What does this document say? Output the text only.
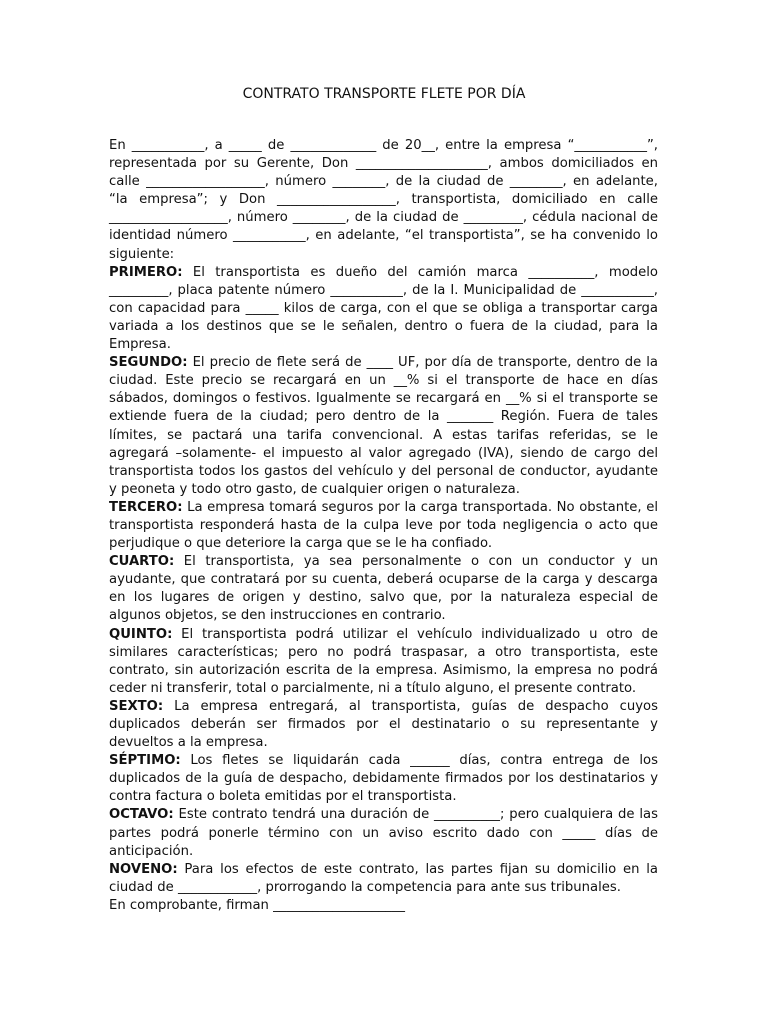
CONTRATO TRANSPORTE FLETE POR DÍA

En ___________, a _____ de _____________ de 20__, entre la empresa “___________”, representada por su Gerente, Don ____________________, ambos domiciliados en calle __________________, número ________, de la ciudad de ________, en adelante, “la empresa”; y Don __________________, transportista, domiciliado en calle __________________, número ________, de la ciudad de _________, cédula nacional de identidad número ___________, en adelante, “el transportista”, se ha convenido lo siguiente:

PRIMERO: El transportista es dueño del camión marca __________, modelo _________, placa patente número ___________, de la I. Municipalidad de ___________, con capacidad para _____ kilos de carga, con el que se obliga a transportar carga variada a los destinos que se le señalen, dentro o fuera de la ciudad, para la Empresa.

SEGUNDO: El precio de flete será de ____ UF, por día de transporte, dentro de la ciudad. Este precio se recargará en un __% si el transporte de hace en días sábados, domingos o festivos. Igualmente se recargará en __% si el transporte se extiende fuera de la ciudad; pero dentro de la _______ Región. Fuera de tales límites, se pactará una tarifa convencional. A estas tarifas referidas, se le agregará –solamente- el impuesto al valor agregado (IVA), siendo de cargo del transportista todos los gastos del vehículo y del personal de conductor, ayudante y peoneta y todo otro gasto, de cualquier origen o naturaleza.

TERCERO: La empresa tomará seguros por la carga transportada. No obstante, el transportista responderá hasta de la culpa leve por toda negligencia o acto que perjudique o que deteriore la carga que se le ha confiado.

CUARTO: El transportista, ya sea personalmente o con un conductor y un ayudante, que contratará por su cuenta, deberá ocuparse de la carga y descarga en los lugares de origen y destino, salvo que, por la naturaleza especial de algunos objetos, se den instrucciones en contrario.

QUINTO: El transportista podrá utilizar el vehículo individualizado u otro de similares características; pero no podrá traspasar, a otro transportista, este contrato, sin autorización escrita de la empresa. Asimismo, la empresa no podrá ceder ni transferir, total o parcialmente, ni a título alguno, el presente contrato.

SEXTO: La empresa entregará, al transportista, guías de despacho cuyos duplicados deberán ser firmados por el destinatario o su representante y devueltos a la empresa.

SÉPTIMO: Los fletes se liquidarán cada ______ días, contra entrega de los duplicados de la guía de despacho, debidamente firmados por los destinatarios y contra factura o boleta emitidas por el transportista.

OCTAVO: Este contrato tendrá una duración de __________; pero cualquiera de las partes podrá ponerle término con un aviso escrito dado con _____ días de anticipación.

NOVENO: Para los efectos de este contrato, las partes fijan su domicilio en la ciudad de ____________, prorrogando la competencia para ante sus tribunales.

En comprobante, firman ____________________
